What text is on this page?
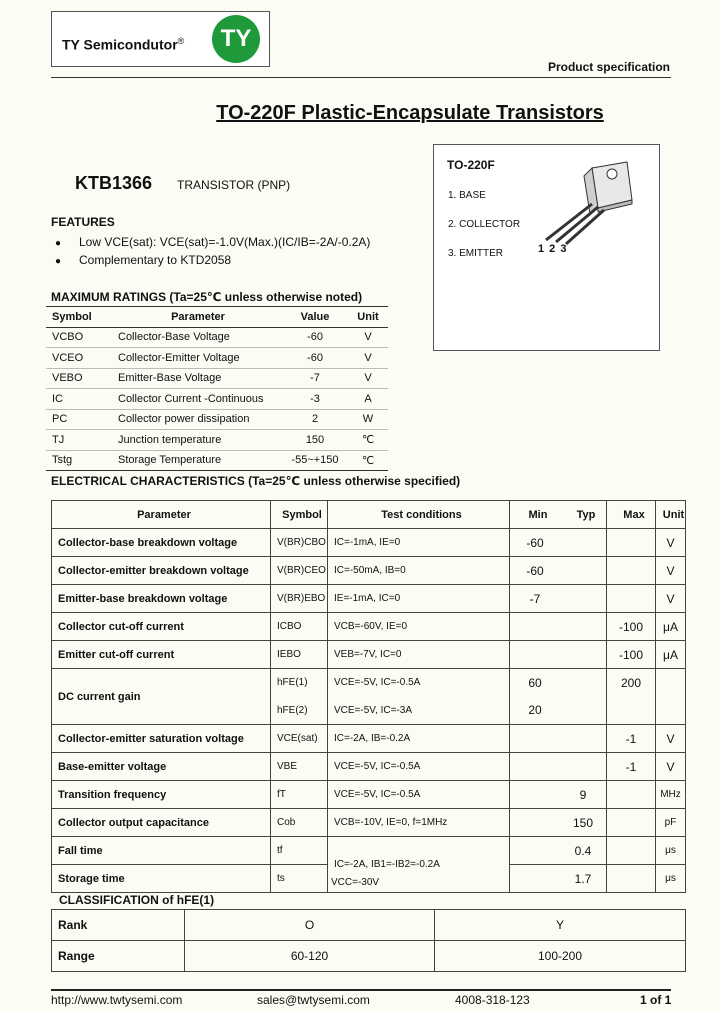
TY Semicondutor®	TY
Product specification
TO-220F Plastic-Encapsulate Transistors
KTB1366 TRANSISTOR (PNP)
TO-220F
1. BASE
2. COLLECTOR
3. EMITTER	1 2 3
FEATURES
● Low VCE(sat): VCE(sat)=-1.0V(Max.)(IC/IB=-2A/-0.2A)
● Complementary to KTD2058
MAXIMUM RATINGS (Ta=25℃ unless otherwise noted)
Symbol	Parameter	Value	Unit
VCBO	Collector-Base Voltage	-60	V
VCEO	Collector-Emitter Voltage	-60	V
VEBO	Emitter-Base Voltage	-7	V
IC	Collector Current -Continuous	-3	A
PC	Collector power dissipation	2	W
TJ	Junction temperature	150	℃
Tstg	Storage Temperature	-55~+150	℃
ELECTRICAL CHARACTERISTICS (Ta=25℃ unless otherwise specified)
Parameter	Symbol	Test conditions	Min	Typ	Max	Unit
Collector-base breakdown voltage	V(BR)CBO	IC=-1mA, IE=0	-60			V
Collector-emitter breakdown voltage	V(BR)CEO	IC=-50mA, IB=0	-60			V
Emitter-base breakdown voltage	V(BR)EBO	IE=-1mA, IC=0	-7			V
Collector cut-off current	ICBO	VCB=-60V, IE=0			-100	μA
Emitter cut-off current	IEBO	VEB=-7V, IC=0			-100	μA
DC current gain	hFE(1)	VCE=-5V, IC=-0.5A	60		200	
	hFE(2)	VCE=-5V, IC=-3A	20			
Collector-emitter saturation voltage	VCE(sat)	IC=-2A, IB=-0.2A			-1	V
Base-emitter voltage	VBE	VCE=-5V, IC=-0.5A			-1	V
Transition frequency	fT	VCE=-5V, IC=-0.5A		9		MHz
Collector output capacitance	Cob	VCB=-10V, IE=0, f=1MHz		150		pF
Fall time	tf	IC=-2A, IB1=-IB2=-0.2A		0.4		μs
Storage time	ts			1.7		μs
VCC=-30V
CLASSIFICATION of hFE(1)
Rank	O	Y
Range	60-120	100-200
http://www.twtysemi.com	sales@twtysemi.com	4008-318-123	1 of 1
